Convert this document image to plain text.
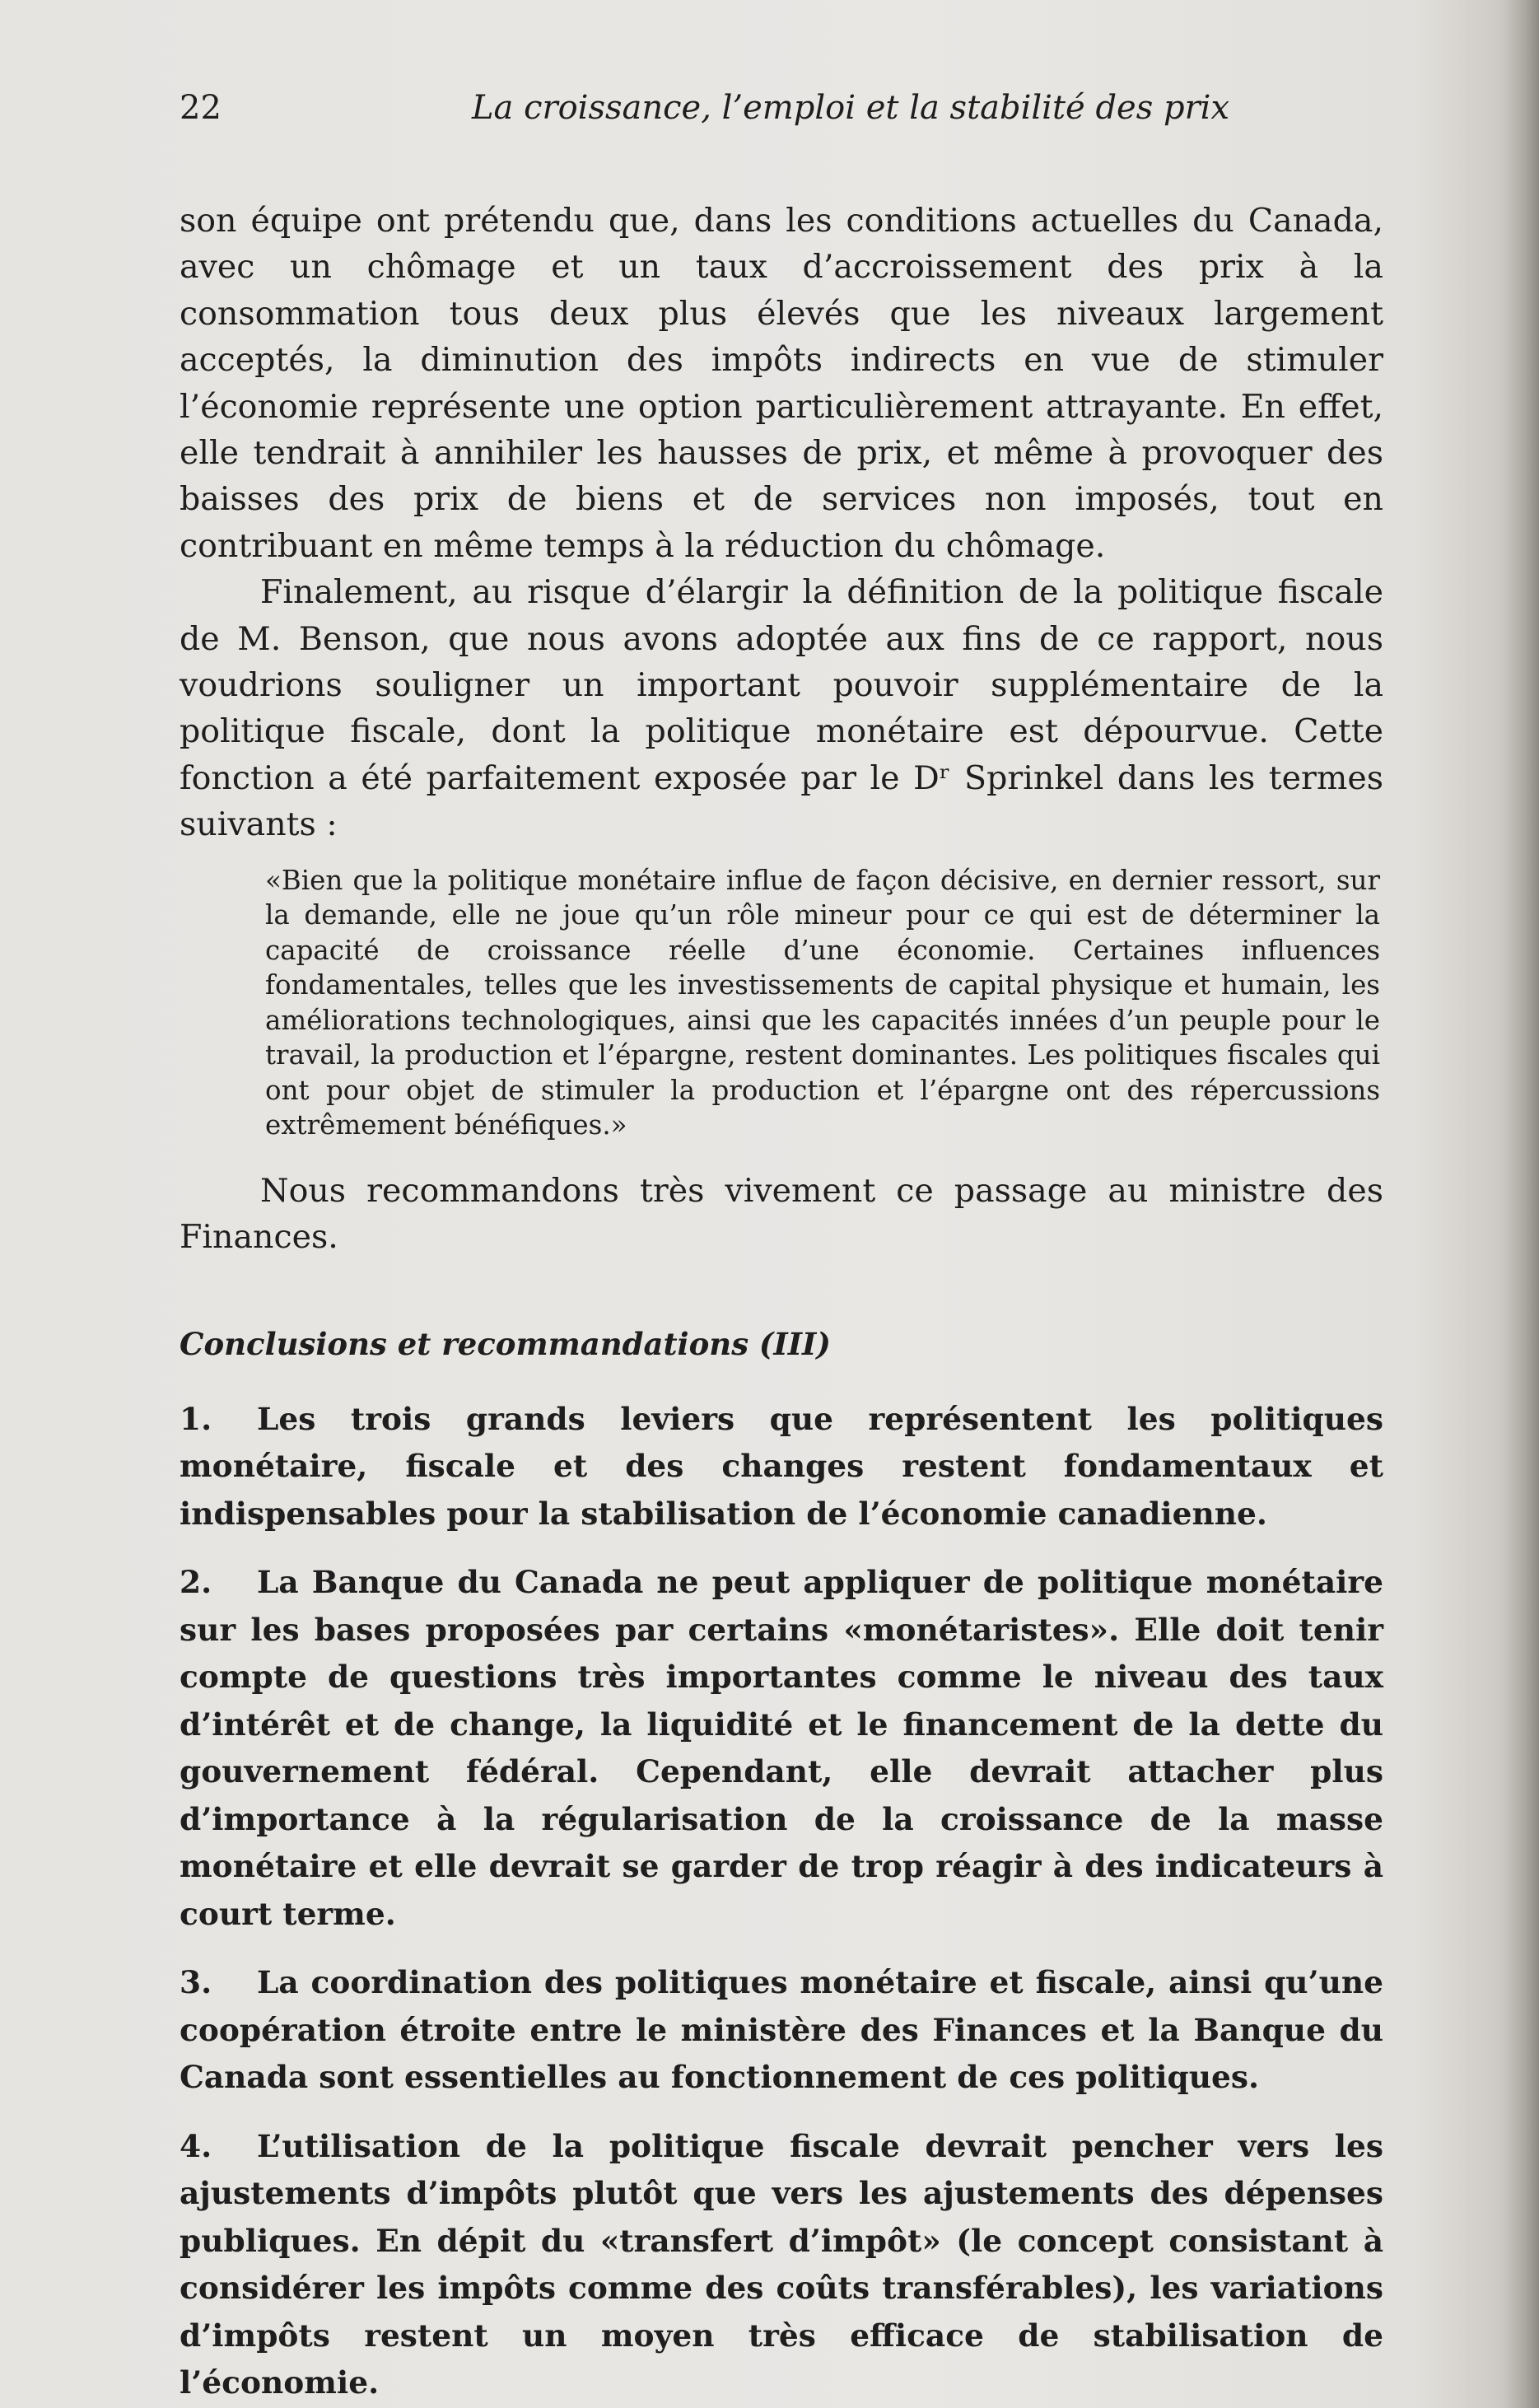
22	La croissance, l’emploi et la stabilité des prix

son équipe ont prétendu que, dans les conditions actuelles du Canada, avec un chômage et un taux d’accroissement des prix à la consommation tous deux plus élevés que les niveaux largement acceptés, la diminution des impôts indirects en vue de stimuler l’économie représente une option particulièrement attrayante. En effet, elle tendrait à annihiler les hausses de prix, et même à provoquer des baisses des prix de biens et de services non imposés, tout en contribuant en même temps à la réduction du chômage.

Finalement, au risque d’élargir la définition de la politique fiscale de M. Benson, que nous avons adoptée aux fins de ce rapport, nous voudrions souligner un important pouvoir supplémentaire de la politique fiscale, dont la politique monétaire est dépourvue. Cette fonction a été parfaitement exposée par le Dʳ Sprinkel dans les termes suivants :

«Bien que la politique monétaire influe de façon décisive, en dernier ressort, sur la demande, elle ne joue qu’un rôle mineur pour ce qui est de déterminer la capacité de croissance réelle d’une économie. Certaines influences fondamentales, telles que les investissements de capital physique et humain, les améliorations technologiques, ainsi que les capacités innées d’un peuple pour le travail, la production et l’épargne, restent dominantes. Les politiques fiscales qui ont pour objet de stimuler la production et l’épargne ont des répercussions extrêmement bénéfiques.»

Nous recommandons très vivement ce passage au ministre des Finances.

Conclusions et recommandations (III)
1. Les trois grands leviers que représentent les politiques monétaire, fiscale et des changes restent fondamentaux et indispensables pour la stabilisation de l’économie canadienne.
2. La Banque du Canada ne peut appliquer de politique monétaire sur les bases proposées par certains «monétaristes». Elle doit tenir compte de questions très importantes comme le niveau des taux d’intérêt et de change, la liquidité et le financement de la dette du gouvernement fédéral. Cependant, elle devrait attacher plus d’importance à la régularisation de la croissance de la masse monétaire et elle devrait se garder de trop réagir à des indicateurs à court terme.
3. La coordination des politiques monétaire et fiscale, ainsi qu’une coopération étroite entre le ministère des Finances et la Banque du Canada sont essentielles au fonctionnement de ces politiques.
4. L’utilisation de la politique fiscale devrait pencher vers les ajustements d’impôts plutôt que vers les ajustements des dépenses publiques. En dépit du «transfert d’impôt» (le concept consistant à considérer les impôts comme des coûts transférables), les variations d’impôts restent un moyen très efficace de stabilisation de l’économie.
